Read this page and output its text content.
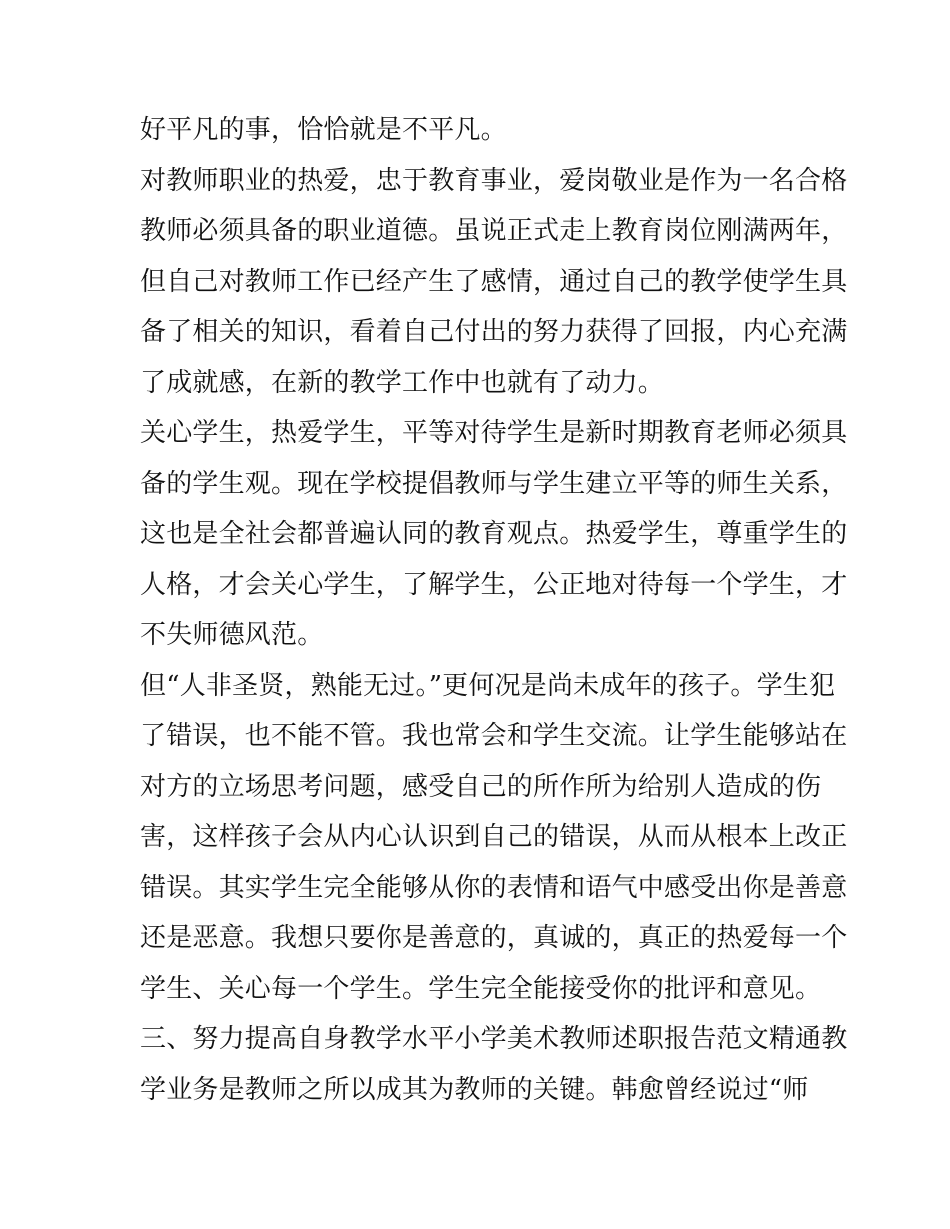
好平凡的事，恰恰就是不平凡。
对教师职业的热爱，忠于教育事业，爱岗敬业是作为一名合格
教师必须具备的职业道德。虽说正式走上教育岗位刚满两年，
但自己对教师工作已经产生了感情，通过自己的教学使学生具
备了相关的知识，看着自己付出的努力获得了回报，内心充满
了成就感，在新的教学工作中也就有了动力。
关心学生，热爱学生，平等对待学生是新时期教育老师必须具
备的学生观。现在学校提倡教师与学生建立平等的师生关系，
这也是全社会都普遍认同的教育观点。热爱学生，尊重学生的
人格，才会关心学生，了解学生，公正地对待每一个学生，才
不失师德风范。
但“人非圣贤，熟能无过。”更何况是尚未成年的孩子。学生犯
了错误，也不能不管。我也常会和学生交流。让学生能够站在
对方的立场思考问题，感受自己的所作所为给别人造成的伤
害，这样孩子会从内心认识到自己的错误，从而从根本上改正
错误。其实学生完全能够从你的表情和语气中感受出你是善意
还是恶意。我想只要你是善意的，真诚的，真正的热爱每一个
学生、关心每一个学生。学生完全能接受你的批评和意见。
三、努力提高自身教学水平小学美术教师述职报告范文精通教
学业务是教师之所以成其为教师的关键。韩愈曾经说过“师
